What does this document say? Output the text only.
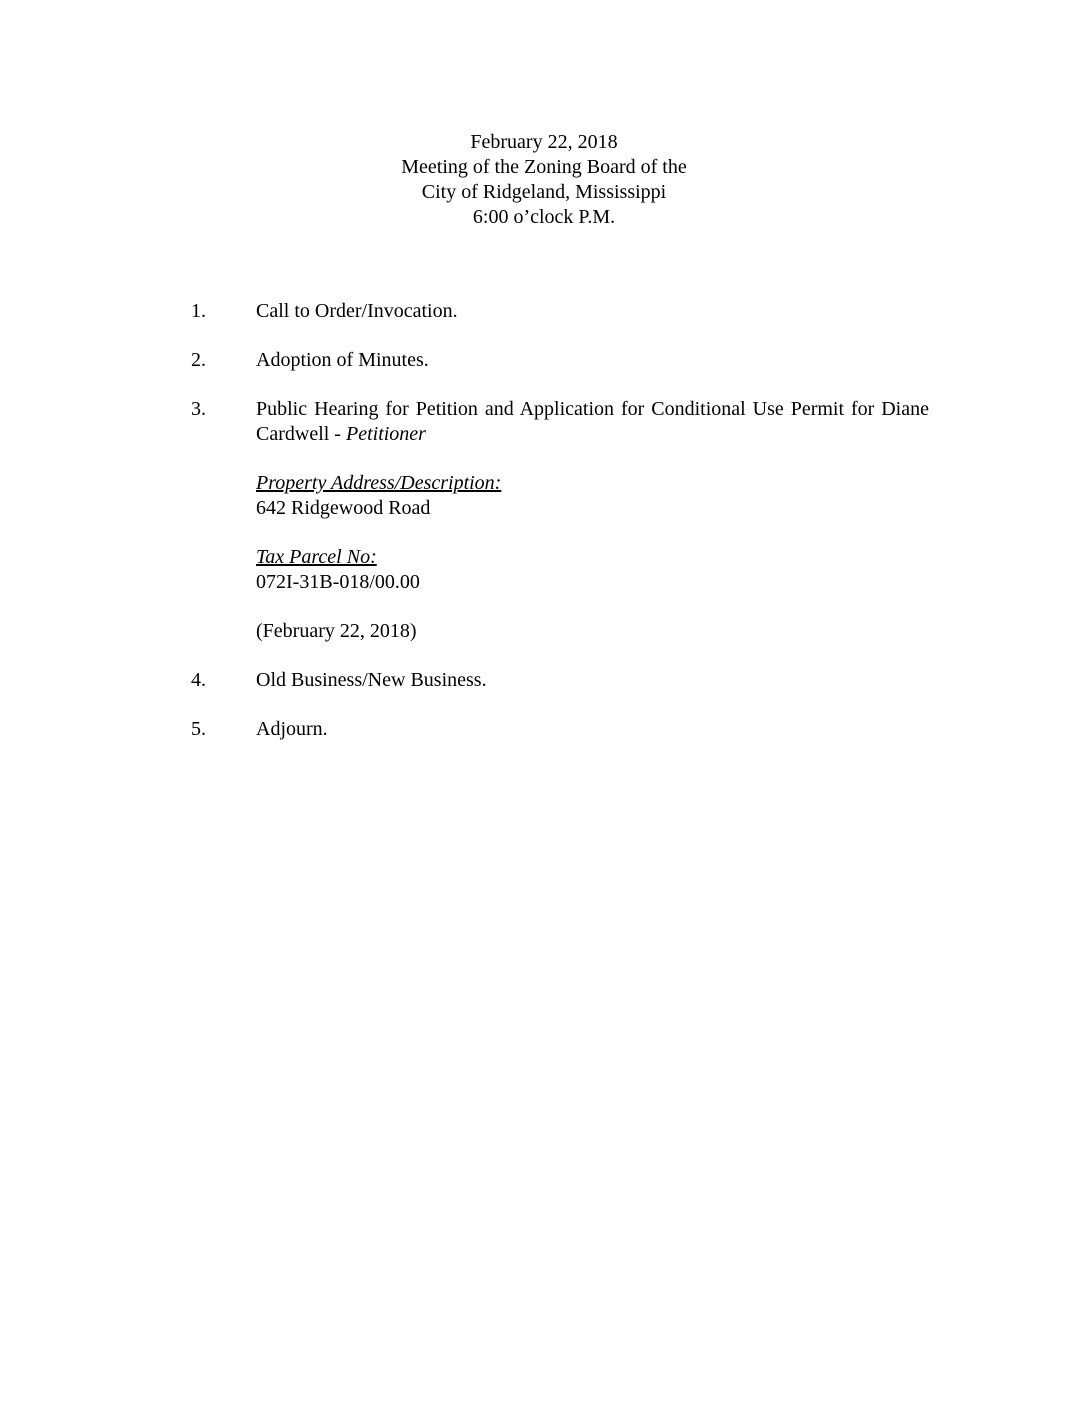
February 22, 2018
Meeting of the Zoning Board of the
City of Ridgeland, Mississippi
6:00 o’clock P.M.
1.	Call to Order/Invocation.
2.	Adoption of Minutes.
3.	Public Hearing for Petition and Application for Conditional Use Permit for Diane Cardwell - Petitioner
Property Address/Description:
642 Ridgewood Road
Tax Parcel No:
072I-31B-018/00.00
(February 22, 2018)
4.	Old Business/New Business.
5.	Adjourn.
